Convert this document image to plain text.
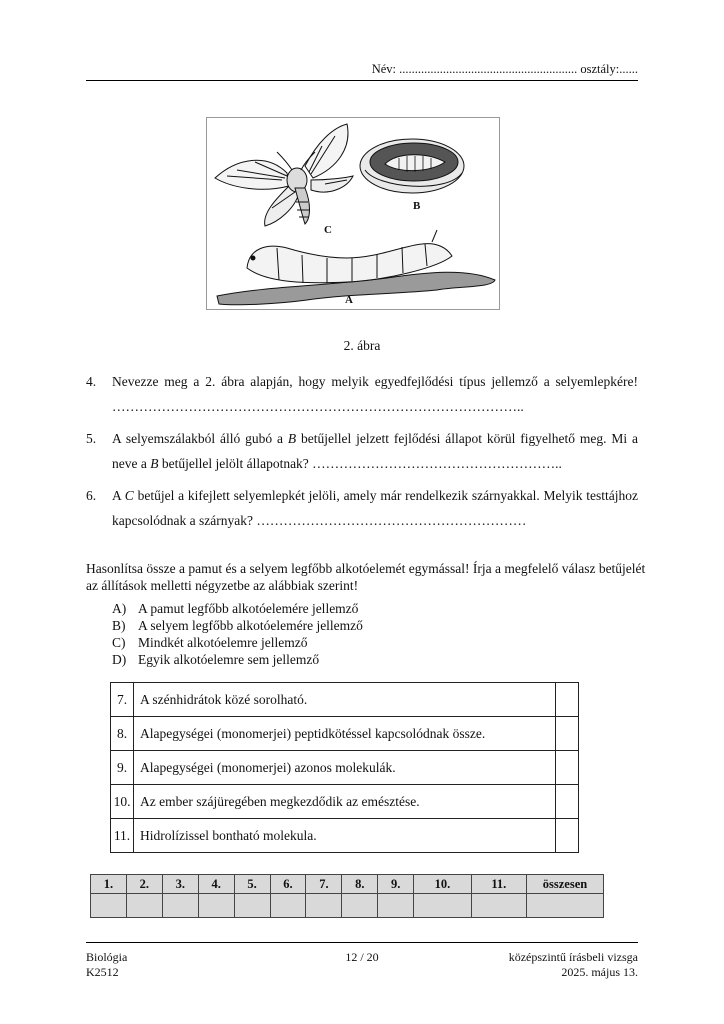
Név: ......................................................... osztály:......
B
C
A
2. ábra
4. Nevezze meg a 2. ábra alapján, hogy melyik egyedfejlődési típus jellemző a selyemlepkére! ………………………………………………………………………………..
5. A selyemszálakból álló gubó a B betűjellel jelzett fejlődési állapot körül figyelhető meg. Mi a neve a B betűjellel jelölt állapotnak? ………………………………………………..
6. A C betűjel a kifejlett selyemlepkét jelöli, amely már rendelkezik szárnyakkal. Melyik testtájhoz kapcsolódnak a szárnyak? ……………………………………………………
Hasonlítsa össze a pamut és a selyem legfőbb alkotóelemét egymással! Írja a megfelelő válasz betűjelét az állítások melletti négyzetbe az alábbiak szerint!
A) A pamut legfőbb alkotóelemére jellemző
B) A selyem legfőbb alkotóelemére jellemző
C) Mindkét alkotóelemre jellemző
D) Egyik alkotóelemre sem jellemző
7.	A szénhidrátok közé sorolható.	
8.	Alapegységei (monomerjei) peptidkötéssel kapcsolódnak össze.	
9.	Alapegységei (monomerjei) azonos molekulák.	
10.	Az ember szájüregében megkezdődik az emésztése.	
11.	Hidrolízissel bontható molekula.	
1.	2.	3.	4.	5.	6.	7.	8.	9.	10.	11.	összesen

Biológia
K2512
12 / 20	középszintű írásbeli vizsga
2025. május 13.
